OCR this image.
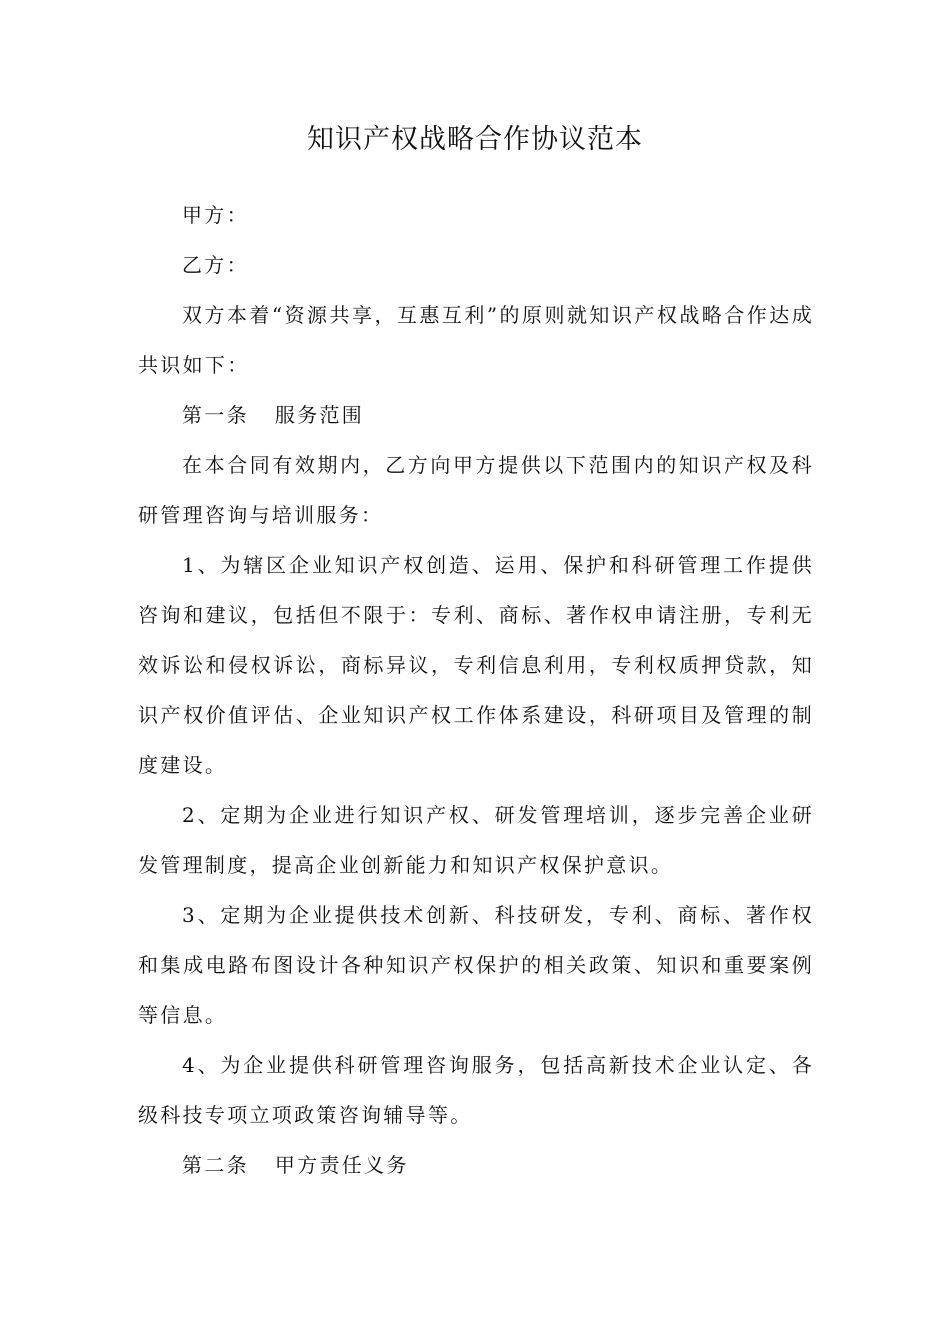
知识产权战略合作协议范本

甲方：

乙方：

双方本着“资源共享，互惠互利”的原则就知识产权战略合作达成共识如下：

第一条 服务范围

在本合同有效期内，乙方向甲方提供以下范围内的知识产权及科研管理咨询与培训服务：

1、为辖区企业知识产权创造、运用、保护和科研管理工作提供咨询和建议，包括但不限于：专利、商标、著作权申请注册，专利无效诉讼和侵权诉讼，商标异议，专利信息利用，专利权质押贷款，知识产权价值评估、企业知识产权工作体系建设，科研项目及管理的制度建设。

2、定期为企业进行知识产权、研发管理培训，逐步完善企业研发管理制度，提高企业创新能力和知识产权保护意识。

3、定期为企业提供技术创新、科技研发，专利、商标、著作权和集成电路布图设计各种知识产权保护的相关政策、知识和重要案例等信息。

4、为企业提供科研管理咨询服务，包括高新技术企业认定、各级科技专项立项政策咨询辅导等。

第二条 甲方责任义务
